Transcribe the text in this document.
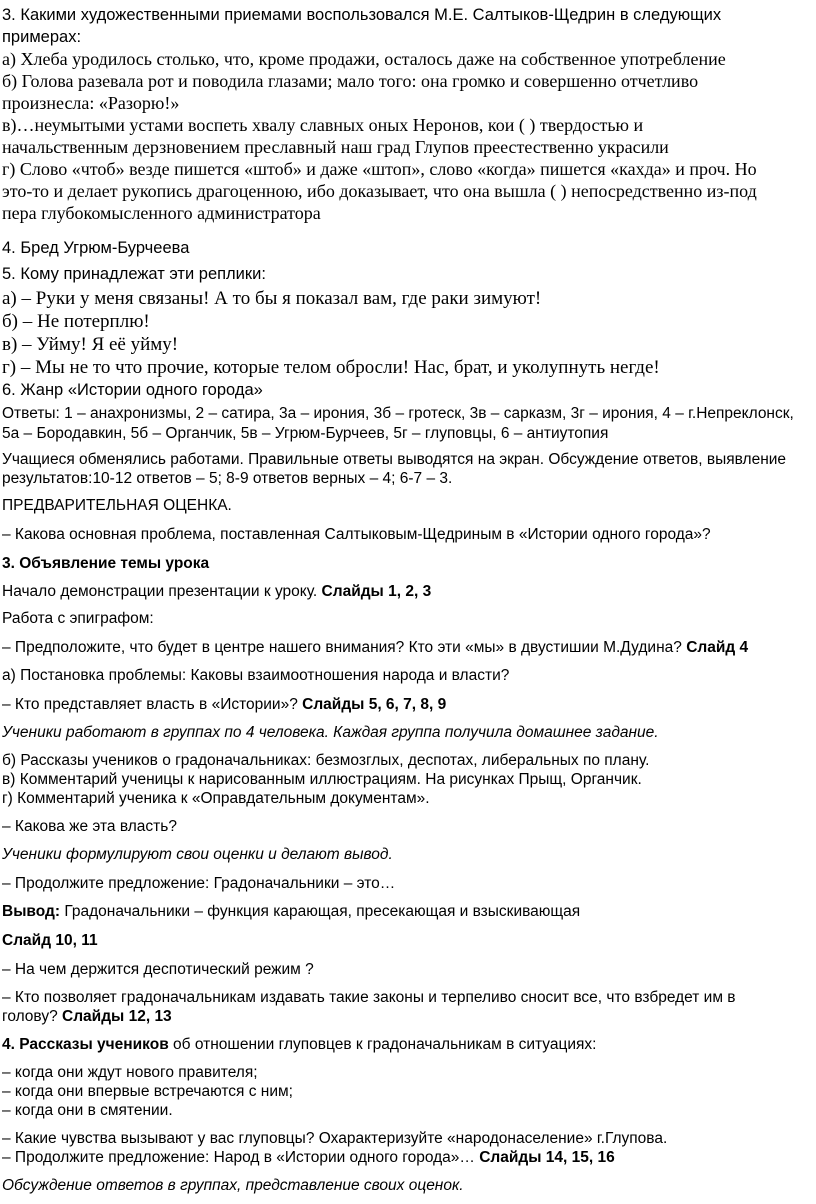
3. Какими художественными приемами воспользовался М.Е. Салтыков-Щедрин в следующих
примерах:
а) Хлеба уродилось столько, что, кроме продажи, осталось даже на собственное употребление
б) Голова разевала рот и поводила глазами; мало того: она громко и совершенно отчетливо
произнесла: «Разорю!»
в)…неумытыми устами воспеть хвалу славных оных Неронов, кои ( ) твердостью и
начальственным дерзновением преславный наш град Глупов преестественно украсили
г) Слово «чтоб» везде пишется «штоб» и даже «штоп», слово «когда» пишется «кахда» и проч. Но
это-то и делает рукопись драгоценною, ибо доказывает, что она вышла ( ) непосредственно из-под
пера глубокомысленного администратора
4. Бред Угрюм-Бурчеева
5. Кому принадлежат эти реплики:
а) – Руки у меня связаны! А то бы я показал вам, где раки зимуют!
б) – Не потерплю!
в) – Уйму! Я её уйму!
г) – Мы не то что прочие, которые телом обросли! Нас, брат, и уколупнуть негде!
6. Жанр «Истории одного города»
Ответы: 1 – анахронизмы, 2 – сатира, 3а – ирония, 3б – гротеск, 3в – сарказм, 3г – ирония, 4 – г.Непреклонск,
5а – Бородавкин, 5б – Органчик, 5в – Угрюм-Бурчеев, 5г – глуповцы, 6 – антиутопия
Учащиеся обменялись работами. Правильные ответы выводятся на экран. Обсуждение ответов, выявление
результатов:10-12 ответов – 5; 8-9 ответов верных – 4; 6-7 – 3.
ПРЕДВАРИТЕЛЬНАЯ ОЦЕНКА.
– Какова основная проблема, поставленная Салтыковым-Щедриным в «Истории одного города»?
3. Объявление темы урока
Начало демонстрации презентации к уроку. Слайды 1, 2, 3
Работа с эпиграфом:
– Предположите, что будет в центре нашего внимания? Кто эти «мы» в двустишии М.Дудина? Слайд 4
а) Постановка проблемы: Каковы взаимоотношения народа и власти?
– Кто представляет власть в «Истории»? Слайды 5, 6, 7, 8, 9
Ученики работают в группах по 4 человека. Каждая группа получила домашнее задание.
б) Рассказы учеников о градоначальниках: безмозглых, деспотах, либеральных по плану.
в) Комментарий ученицы к нарисованным иллюстрациям. На рисунках Прыщ, Органчик.
г) Комментарий ученика к «Оправдательным документам».
– Какова же эта власть?
Ученики формулируют свои оценки и делают вывод.
– Продолжите предложение: Градоначальники – это…
Вывод: Градоначальники – функция карающая, пресекающая и взыскивающая
Слайд 10, 11
– На чем держится деспотический режим ?
– Кто позволяет градоначальникам издавать такие законы и терпеливо сносит все, что взбредет им в
голову? Слайды 12, 13
4. Рассказы учеников об отношении глуповцев к градоначальникам в ситуациях:
– когда они ждут нового правителя;
– когда они впервые встречаются с ним;
– когда они в смятении.
– Какие чувства вызывают у вас глуповцы? Охарактеризуйте «народонаселение» г.Глупова.
– Продолжите предложение: Народ в «Истории одного города»… Слайды 14, 15, 16
Обсуждение ответов в группах, представление своих оценок.
